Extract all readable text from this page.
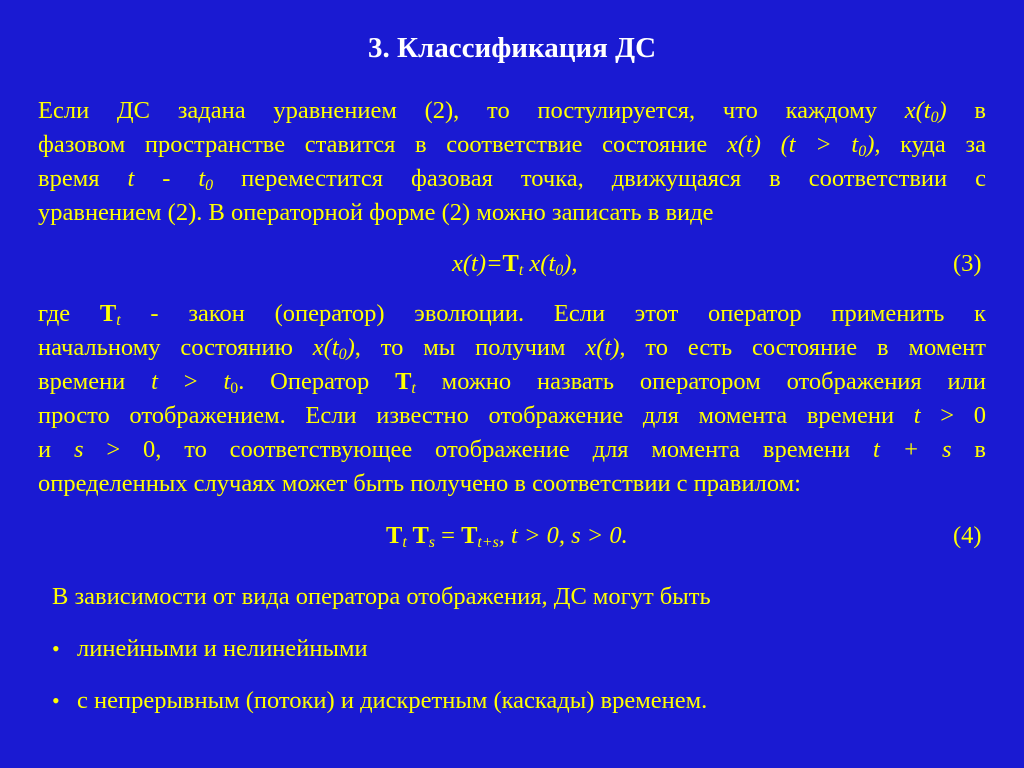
3. Классификация ДС
Если ДС задана уравнением (2), то постулируется, что каждому $x(t_0)$ в
фазовом пространстве ставится в соответствие состояние x(t) $(t > t_0)$, куда за
время t - $t_0$ переместится фазовая точка, движущаяся в соответствии с
уравнением (2). В операторной форме (2) можно записать в виде
$x(t)=T_t$ $x(t_0)$,	(3)
где $T_t$ - закон (оператор) эволюции. Если этот оператор применить к
начальному состоянию $x(t_0)$, то мы получим x(t), то есть состояние в момент
времени $t > t_0$. Оператор $T_t$ можно назвать оператором отображения или
просто отображением. Если известно отображение для момента времени t > 0
и s > 0, то соответствующее отображение для момента времени t + s в
определенных случаях может быть получено в соответствии с правилом:
$T_t$ $T_s = T_{t+s}$, t > 0, s > 0.	(4)
В зависимости от вида оператора отображения, ДС могут быть
• линейными и нелинейными
• с непрерывным (потоки) и дискретным (каскады) временем.
